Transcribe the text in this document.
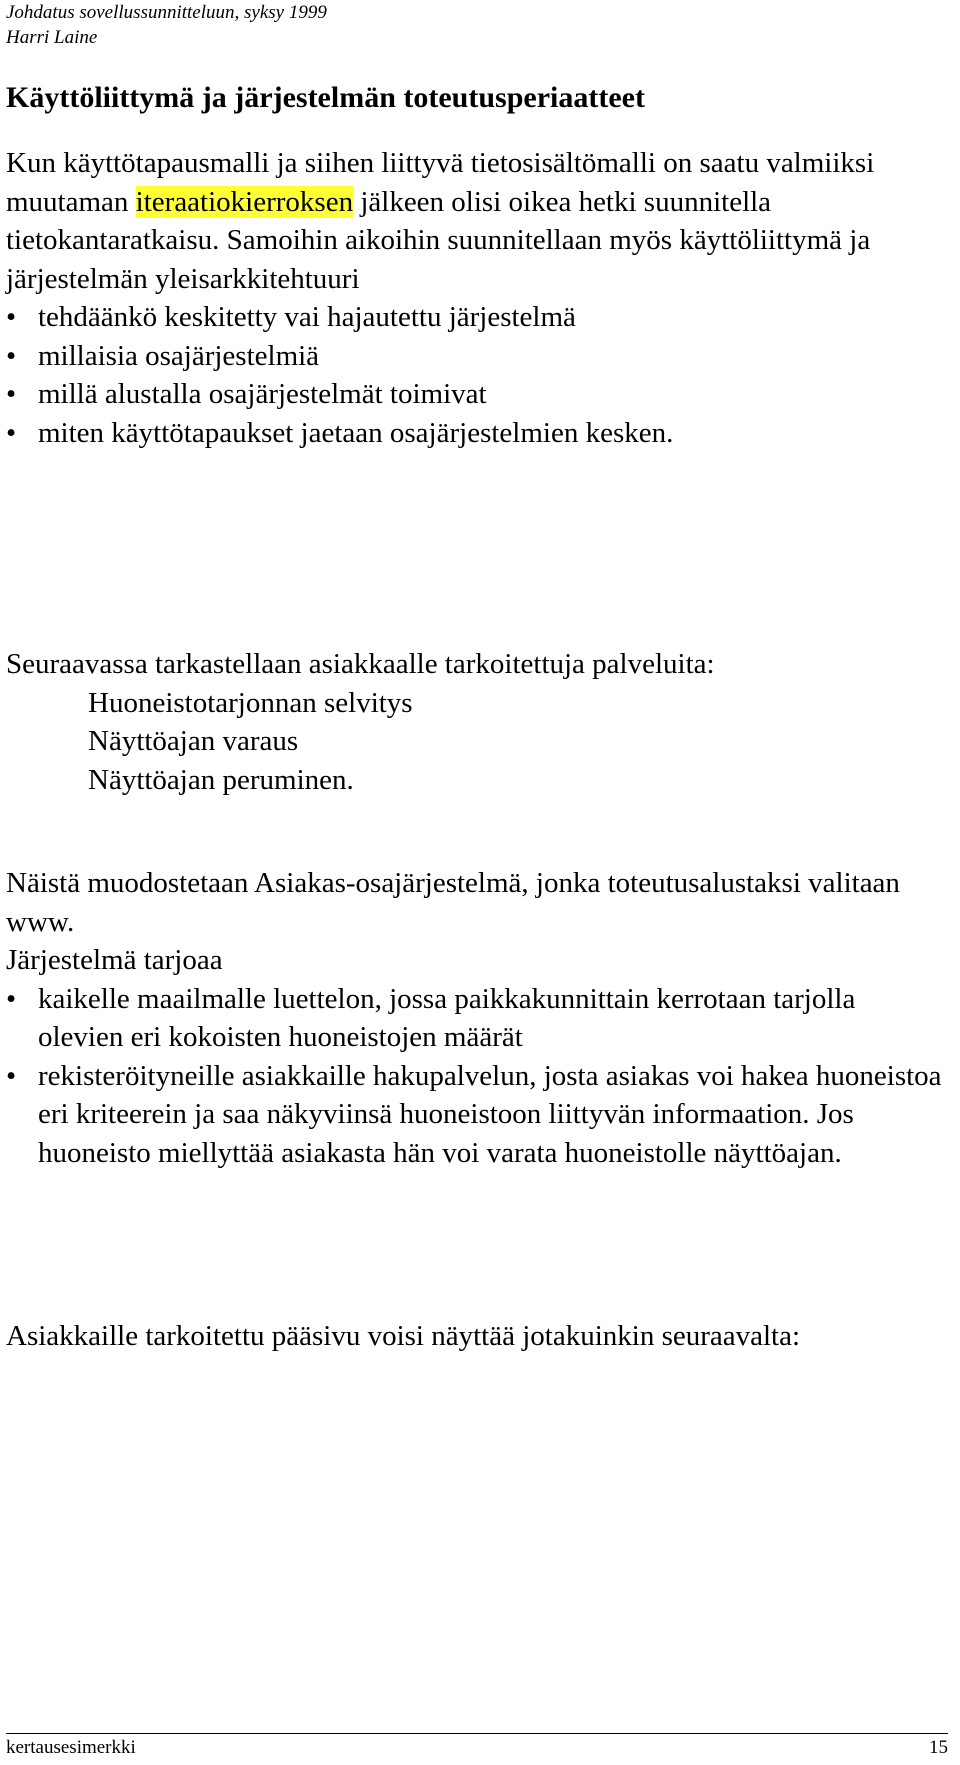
Johdatus sovellussunnitteluun, syksy 1999
Harri Laine
Käyttöliittymä ja järjestelmän toteutusperiaatteet

Kun käyttötapausmalli ja siihen liittyvä tietosisältömalli on saatu valmiiksi muutaman iteraatiokierroksen jälkeen olisi oikea hetki suunnitella tietokantaratkaisu. Samoihin aikoihin suunnitellaan myös käyttöliittymä ja järjestelmän yleisarkkitehtuuri

• tehdäänkö keskitetty vai hajautettu järjestelmä
• millaisia osajärjestelmiä
• millä alustalla osajärjestelmät toimivat
• miten käyttötapaukset jaetaan osajärjestelmien kesken.

Seuraavassa tarkastellaan asiakkaalle tarkoitettuja palveluita:

Huoneistotarjonnan selvitys
Näyttöajan varaus
Näyttöajan peruminen.

Näistä muodostetaan Asiakas-osajärjestelmä, jonka toteutusalustaksi valitaan www.

Järjestelmä tarjoaa

• kaikelle maailmalle luettelon, jossa paikkakunnittain kerrotaan tarjolla olevien eri kokoisten huoneistojen määrät
• rekisteröityneille asiakkaille hakupalvelun, josta asiakas voi hakea huoneistoa eri kriteerein ja saa näkyviinsä huoneistoon liittyvän informaation. Jos huoneisto miellyttää asiakasta hän voi varata huoneistolle näyttöajan.

Asiakkaille tarkoitettu pääsivu voisi näyttää jotakuinkin seuraavalta:

kertausesimerkki	15
